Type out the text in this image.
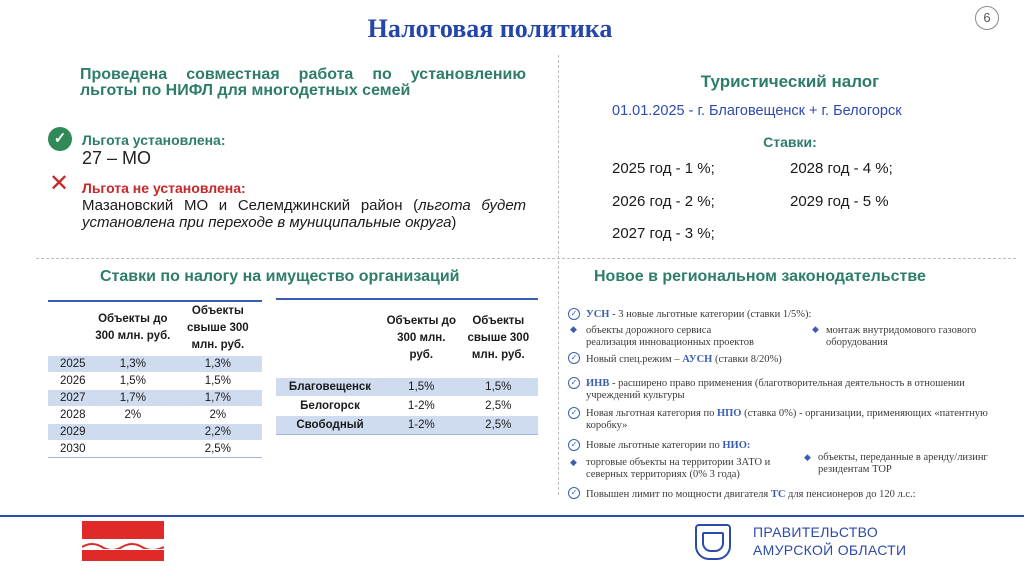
Налоговая политика	6
Проведена совместная работа по установлению льготы по НИФЛ для многодетных семей
✓	Льгота установлена:
27 – МО
✕ Льгота не установлена:
Мазановский МО и Селемджинский район (льгота будет установлена при переходе в муниципальные округа)
Туристический налог
01.01.2025 - г. Благовещенск + г. Белогорск
Ставки:
2025 год - 1 %;	2028 год - 4 %;
2026 год - 2 %;	2029 год - 5 %
2027 год - 3 %;
Ставки по налогу на имущество организаций	Новое в региональном законодательстве
	Объекты до 300 млн. руб.	Объекты свыше 300 млн. руб.
2025	1,3%	1,3%
2026	1,5%	1,5%
2027	1,7%	1,7%
2028	2%	2%
2029		2,2%
2030		2,5%
	Объекты до 300 млн. руб.	Объекты свыше 300 млн. руб.
Благовещенск	1,5%	1,5%
Белогорск	1-2%	2,5%
Свободный	1-2%	2,5%
✓ УСН - 3 новые льготные категории (ставки 1/5%):
◆ объекты дорожного сервиса
реализация инновационных проектов
◆ монтаж внутридомового газового оборудования
✓ Новый спец.режим – АУСН (ставки 8/20%)
✓ ИНВ - расширено право применения (благотворительная деятельность в отношении учреждений культуры
✓ Новая льготная категория по НПО (ставка 0%) - организации, применяющих «патентную коробку»
✓ Новые льготные категории по НИО:
◆ торговые объекты на территории ЗАТО и северных территориях (0% 3 года)
◆ объекты, переданные в аренду/лизинг резидентам ТОР
✓ Повышен лимит по мощности двигателя ТС для пенсионеров до 120 л.с.:
ПРАВИТЕЛЬСТВО
АМУРСКОЙ ОБЛАСТИ
